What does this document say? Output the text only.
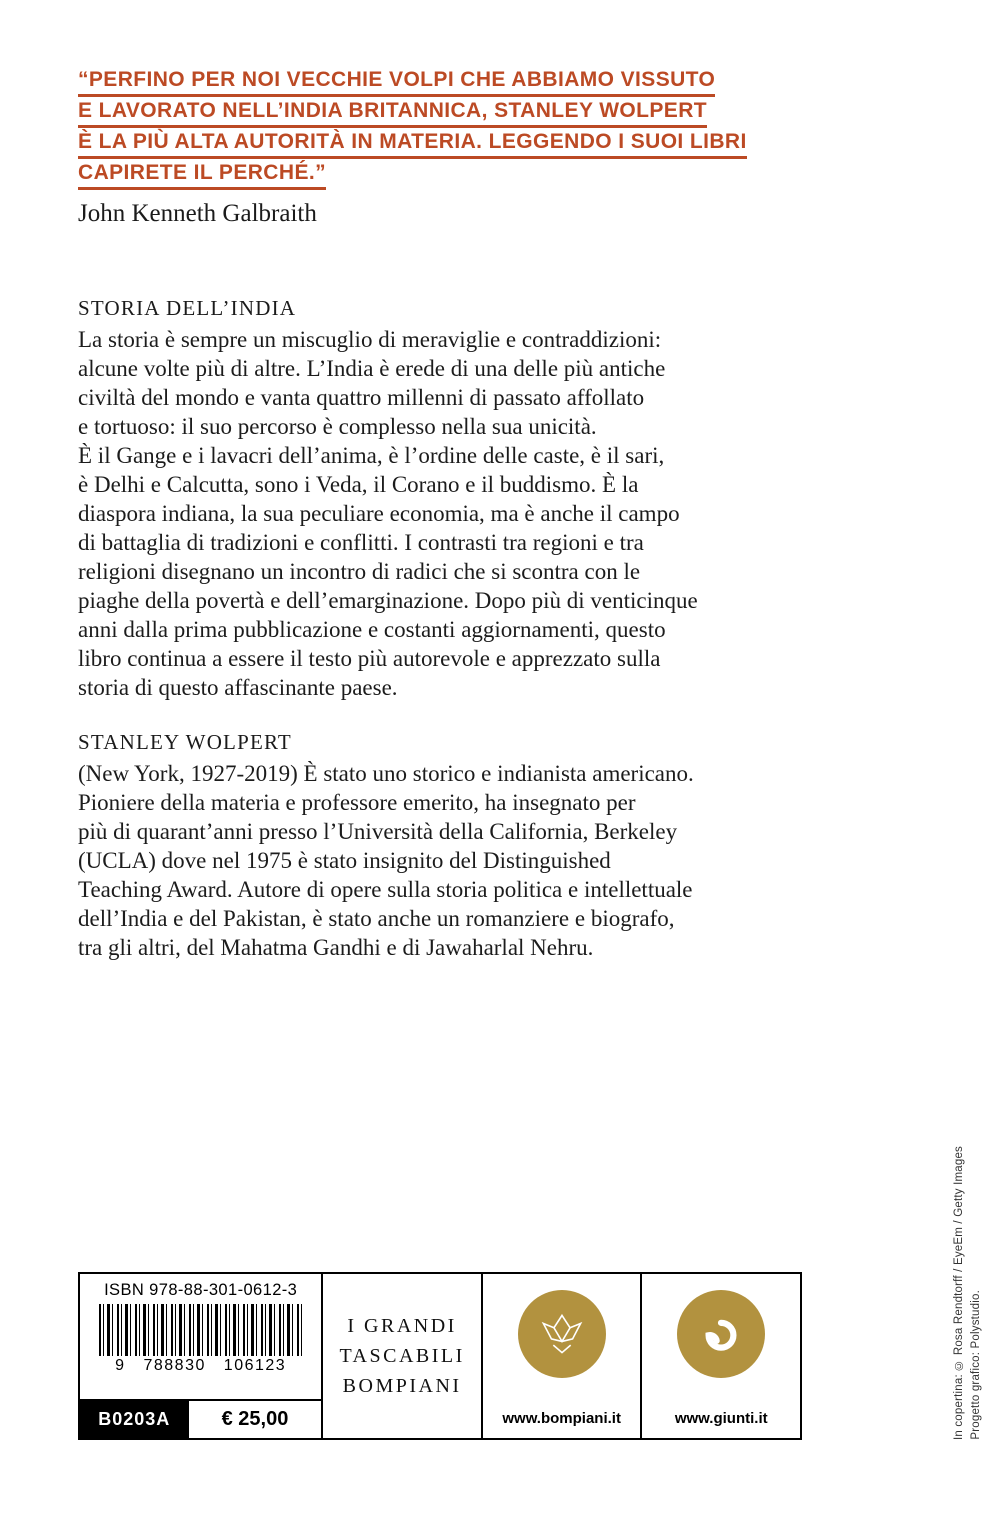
“PERFINO PER NOI VECCHIE VOLPI CHE ABBIAMO VISSUTO
E LAVORATO NELL’INDIA BRITANNICA, STANLEY WOLPERT
È LA PIÙ ALTA AUTORITÀ IN MATERIA. LEGGENDO I SUOI LIBRI
CAPIRETE IL PERCHÉ.”
John Kenneth Galbraith
STORIA DELL’INDIA
La storia è sempre un miscuglio di meraviglie e contraddizioni:
alcune volte più di altre. L’India è erede di una delle più antiche
civiltà del mondo e vanta quattro millenni di passato affollato
e tortuoso: il suo percorso è complesso nella sua unicità.
È il Gange e i lavacri dell’anima, è l’ordine delle caste, è il sari,
è Delhi e Calcutta, sono i Veda, il Corano e il buddismo. È la
diaspora indiana, la sua peculiare economia, ma è anche il campo
di battaglia di tradizioni e conflitti. I contrasti tra regioni e tra
religioni disegnano un incontro di radici che si scontra con le
piaghe della povertà e dell’emarginazione. Dopo più di venticinque
anni dalla prima pubblicazione e costanti aggiornamenti, questo
libro continua a essere il testo più autorevole e apprezzato sulla
storia di questo affascinante paese.
STANLEY WOLPERT
(New York, 1927-2019) È stato uno storico e indianista americano.
Pioniere della materia e professore emerito, ha insegnato per
più di quarant’anni presso l’Università della California, Berkeley
(UCLA) dove nel 1975 è stato insignito del Distinguished
Teaching Award. Autore di opere sulla storia politica e intellettuale
dell’India e del Pakistan, è stato anche un romanziere e biografo,
tra gli altri, del Mahatma Gandhi e di Jawaharlal Nehru.
ISBN 978-88-301-0612-3
9 788830 106123
B0203A	€ 25,00
I GRANDI
TASCABILI
BOMPIANI
www.bompiani.it	www.giunti.it	In copertina: © Rosa Rendtorff / EyeEm / Getty Images Progetto grafico: Polystudio.
